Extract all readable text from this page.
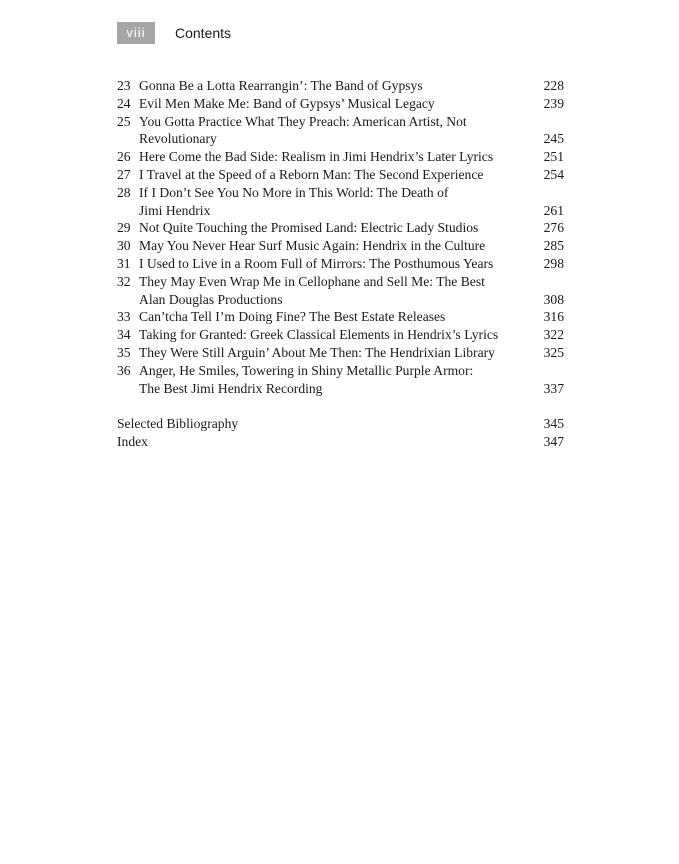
viii	Contents
23 Gonna Be a Lotta Rearrangin’: The Band of Gypsys	228
24 Evil Men Make Me: Band of Gypsys’ Musical Legacy	239
25 You Gotta Practice What They Preach: American Artist, Not
Revolutionary	245
26 Here Come the Bad Side: Realism in Jimi Hendrix’s Later Lyrics	251
27 I Travel at the Speed of a Reborn Man: The Second Experience	254
28 If I Don’t See You No More in This World: The Death of
Jimi Hendrix	261
29 Not Quite Touching the Promised Land: Electric Lady Studios	276
30 May You Never Hear Surf Music Again: Hendrix in the Culture	285
31 I Used to Live in a Room Full of Mirrors: The Posthumous Years	298
32 They May Even Wrap Me in Cellophane and Sell Me: The Best
Alan Douglas Productions	308
33 Can’tcha Tell I’m Doing Fine? The Best Estate Releases	316
34 Taking for Granted: Greek Classical Elements in Hendrix’s Lyrics	322
35 They Were Still Arguin’ About Me Then: The Hendrixian Library	325
36 Anger, He Smiles, Towering in Shiny Metallic Purple Armor:
The Best Jimi Hendrix Recording	337
Selected Bibliography	345
Index	347
